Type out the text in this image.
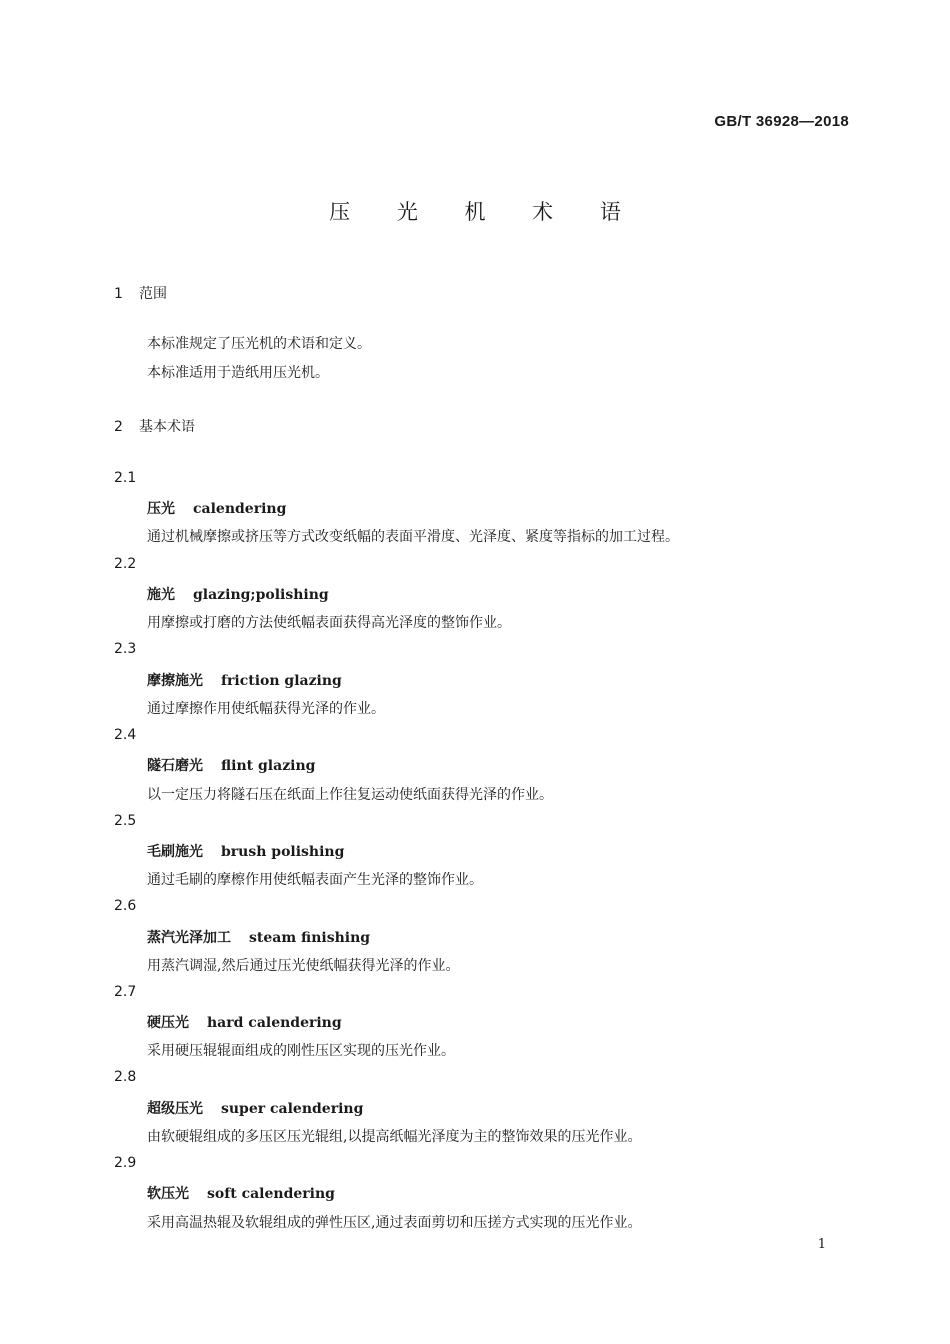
GB/T 36928—2018
压 光 机 术 语
1 范围
本标准规定了压光机的术语和定义。
本标准适用于造纸用压光机。
2 基本术语
2.1
压光 calendering
通过机械摩擦或挤压等方式改变纸幅的表面平滑度、光泽度、紧度等指标的加工过程。
2.2
施光 glazing;polishing
用摩擦或打磨的方法使纸幅表面获得高光泽度的整饰作业。
2.3
摩擦施光 friction glazing
通过摩擦作用使纸幅获得光泽的作业。
2.4
隧石磨光 flint glazing
以一定压力将隧石压在纸面上作往复运动使纸面获得光泽的作业。
2.5
毛刷施光 brush polishing
通过毛刷的摩檫作用使纸幅表面产生光泽的整饰作业。
2.6
蒸汽光泽加工 steam finishing
用蒸汽调湿,然后通过压光使纸幅获得光泽的作业。
2.7
硬压光 hard calendering
采用硬压辊辊面组成的刚性压区实现的压光作业。
2.8
超级压光 super calendering
由软硬辊组成的多压区压光辊组,以提高纸幅光泽度为主的整饰效果的压光作业。
2.9
软压光 soft calendering
采用高温热辊及软辊组成的弹性压区,通过表面剪切和压搓方式实现的压光作业。
1
